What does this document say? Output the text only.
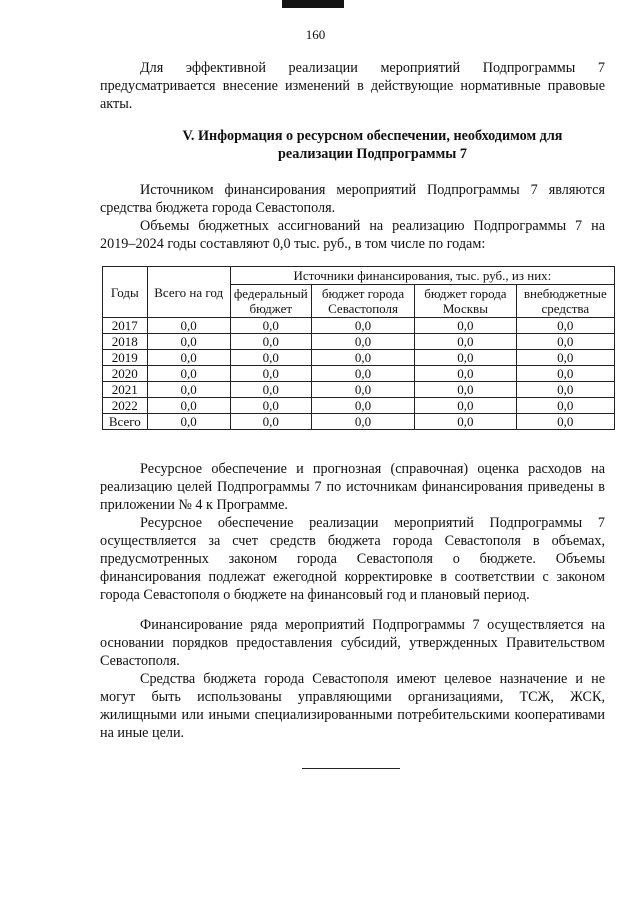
160

Для эффективной реализации мероприятий Подпрограммы 7 предусматривается внесение изменений в действующие нормативные правовые акты.

V. Информация о ресурсном обеспечении, необходимом для
реализации Подпрограммы 7

Источником финансирования мероприятий Подпрограммы 7 являются средства бюджета города Севастополя.

Объемы бюджетных ассигнований на реализацию Подпрограммы 7 на 2019–2024 годы составляют 0,0 тыс. руб., в том числе по годам:

Годы	Всего на год	Источники финансирования, тыс. руб., из них:			
		федеральный бюджет	бюджет города Севастополя	бюджет города Москвы	внебюджетные средства
2017	0,0	0,0	0,0	0,0	0,0
2018	0,0	0,0	0,0	0,0	0,0
2019	0,0	0,0	0,0	0,0	0,0
2020	0,0	0,0	0,0	0,0	0,0
2021	0,0	0,0	0,0	0,0	0,0
2022	0,0	0,0	0,0	0,0	0,0
Всего	0,0	0,0	0,0	0,0	0,0

Ресурсное обеспечение и прогнозная (справочная) оценка расходов на реализацию целей Подпрограммы 7 по источникам финансирования приведены в приложении № 4 к Программе.

Ресурсное обеспечение реализации мероприятий Подпрограммы 7 осуществляется за счет средств бюджета города Севастополя в объемах, предусмотренных законом города Севастополя о бюджете. Объемы финансирования подлежат ежегодной корректировке в соответствии с законом города Севастополя о бюджете на финансовый год и плановый период.

Финансирование ряда мероприятий Подпрограммы 7 осуществляется на основании порядков предоставления субсидий, утвержденных Правительством Севастополя.

Средства бюджета города Севастополя имеют целевое назначение и не могут быть использованы управляющими организациями, ТСЖ, ЖСК, жилищными или иными специализированными потребительскими кооперативами на иные цели.
